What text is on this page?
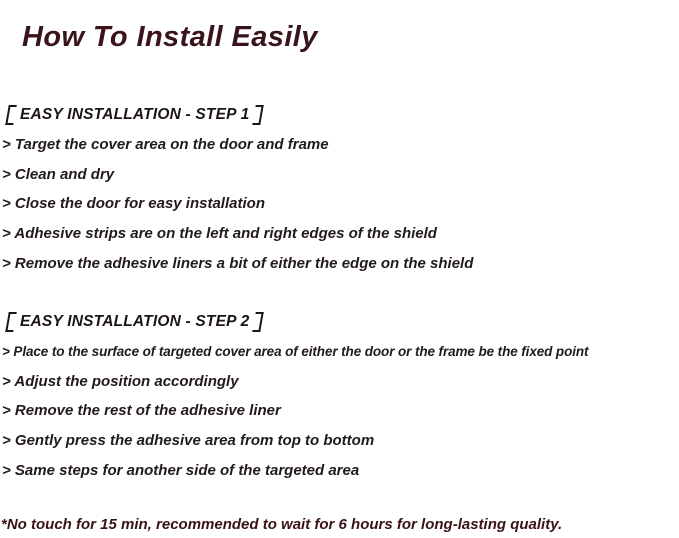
How To Install Easily
EASY INSTALLATION - STEP 1
> Target the cover area on the door and frame
> Clean and dry
> Close the door for easy installation
> Adhesive strips are on the left and right edges of the shield
> Remove the adhesive liners a bit of either the edge on the shield
EASY INSTALLATION - STEP 2
> Place to the surface of targeted cover area of either the door or the frame be the fixed point
> Adjust the position accordingly
> Remove the rest of the adhesive liner
> Gently press the adhesive area from top to bottom
> Same steps for another side of the targeted area
*No touch for 15 min, recommended to wait for 6 hours for long-lasting quality.
